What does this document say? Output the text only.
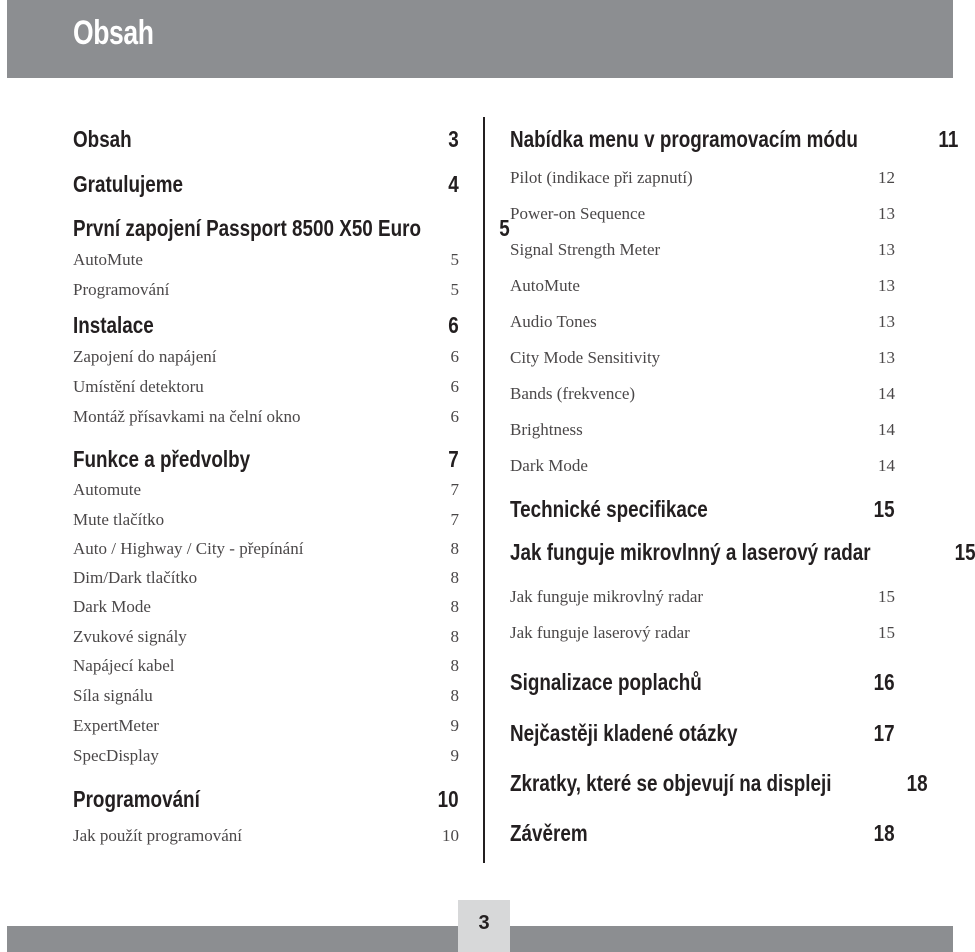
Obsah
Obsah	3
Gratulujeme	4
První zapojení Passport 8500 X50 Euro	5
AutoMute	5
Programování	5
Instalace	6
Zapojení do napájení	6
Umístění detektoru	6
Montáž přísavkami na čelní okno	6
Funkce a předvolby	7
Automute	7
Mute tlačítko	7
Auto / Highway / City - přepínání	8
Dim/Dark tlačítko	8
Dark Mode	8
Zvukové signály	8
Napájecí kabel	8
Síla signálu	8
ExpertMeter	9
SpecDisplay	9
Programování	10
Jak použít programování	10
Nabídka menu v programovacím módu	11
Pilot (indikace při zapnutí)	12
Power-on Sequence	13
Signal Strength Meter	13
AutoMute	13
Audio Tones	13
City Mode Sensitivity	13
Bands (frekvence)	14
Brightness	14
Dark Mode	14
Technické specifikace	15
Jak funguje mikrovlnný a laserový radar	15
Jak funguje mikrovlný radar	15
Jak funguje laserový radar	15
Signalizace poplachů	16
Nejčastěji kladené otázky	17
Zkratky, které se objevují na displeji	18
Závěrem	18
3
